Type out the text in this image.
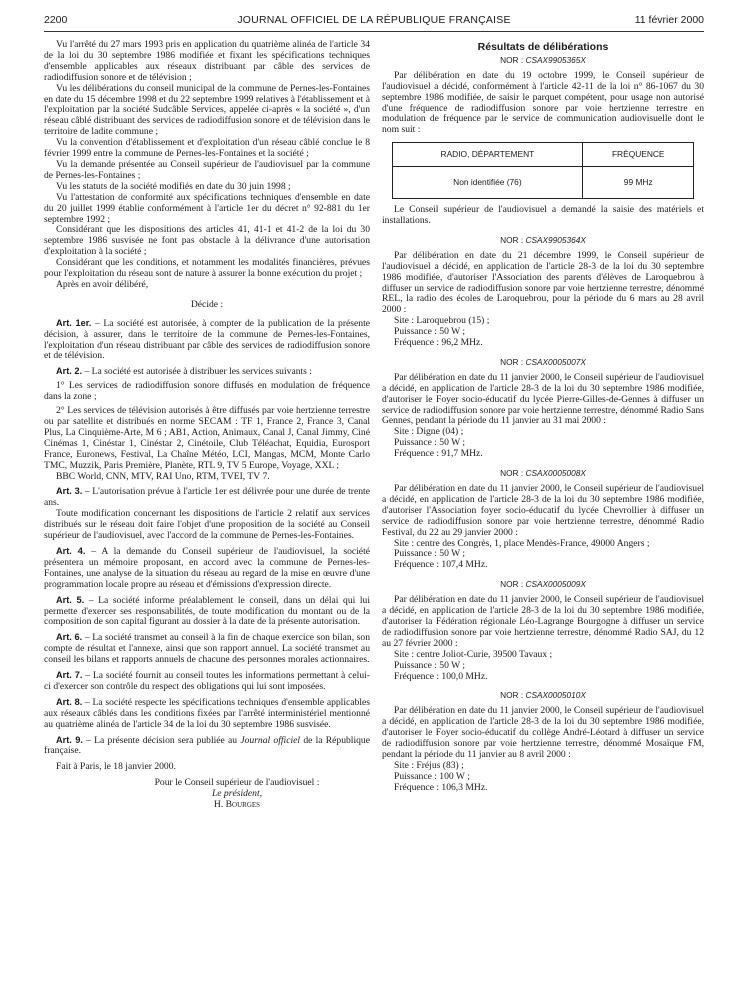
2200	JOURNAL OFFICIEL DE LA RÉPUBLIQUE FRANÇAISE	11 février 2000

Vu l'arrêté du 27 mars 1993 pris en application du quatrième alinéa de l'article 34 de la loi du 30 septembre 1986 modifiée et fixant les spécifications techniques d'ensemble applicables aux réseaux distribuant par câble des services de radiodiffusion sonore et de télévision ;

Vu les délibérations du conseil municipal de la commune de Pernes-les-Fontaines en date du 15 décembre 1998 et du 22 septembre 1999 relatives à l'établissement et à l'exploitation par la société Sudcâble Services, appelée ci-après « la société », d'un réseau câblé distribuant des services de radiodiffusion sonore et de télévision dans le territoire de ladite commune ;

Vu la convention d'établissement et d'exploitation d'un réseau câblé conclue le 8 février 1999 entre la commune de Pernes-les-Fontaines et la société ;

Vu la demande présentée au Conseil supérieur de l'audiovisuel par la commune de Pernes-les-Fontaines ;

Vu les statuts de la société modifiés en date du 30 juin 1998 ;

Vu l'attestation de conformité aux spécifications techniques d'ensemble en date du 20 juillet 1999 établie conformément à l'article 1er du décret n° 92-881 du 1er septembre 1992 ;

Considérant que les dispositions des articles 41, 41-1 et 41-2 de la loi du 30 septembre 1986 susvisée ne font pas obstacle à la délivrance d'une autorisation d'exploitation à la société ;

Considérant que les conditions, et notamment les modalités financières, prévues pour l'exploitation du réseau sont de nature à assurer la bonne exécution du projet ;

Après en avoir délibéré,

Décide :

Art. 1er. – La société est autorisée, à compter de la publication de la présente décision, à assurer, dans le territoire de la commune de Pernes-les-Fontaines, l'exploitation d'un réseau distribuant par câble des services de radiodiffusion sonore et de télévision.

Art. 2. – La société est autorisée à distribuer les services suivants :

1° Les services de radiodiffusion sonore diffusés en modulation de fréquence dans la zone ;

2° Les services de télévision autorisés à être diffusés par voie hertzienne terrestre ou par satellite et distribués en norme SECAM : TF 1, France 2, France 3, Canal Plus, La Cinquième-Arte, M 6 ; AB1, Action, Animaux, Canal J, Canal Jimmy, Ciné Cinémas 1, Cinéstar 1, Cinéstar 2, Cinétoile, Club Téléachat, Equidia, Eurosport France, Euronews, Festival, La Chaîne Météo, LCI, Mangas, MCM, Monte Carlo TMC, Muzzik, Paris Première, Planète, RTL 9, TV 5 Europe, Voyage, XXL ;

BBC World, CNN, MTV, RAI Uno, RTM, TVEI, TV 7.

Art. 3. – L'autorisation prévue à l'article 1er est délivrée pour une durée de trente ans.

Toute modification concernant les dispositions de l'article 2 relatif aux services distribués sur le réseau doit faire l'objet d'une proposition de la société au Conseil supérieur de l'audiovisuel, avec l'accord de la commune de Pernes-les-Fontaines.

Art. 4. – A la demande du Conseil supérieur de l'audiovisuel, la société présentera un mémoire proposant, en accord avec la commune de Pernes-les-Fontaines, une analyse de la situation du réseau au regard de la mise en œuvre d'une programmation locale propre au réseau et d'émissions d'expression directe.

Art. 5. – La société informe préalablement le conseil, dans un délai qui lui permette d'exercer ses responsabilités, de toute modification du montant ou de la composition de son capital figurant au dossier à la date de la présente autorisation.

Art. 6. – La société transmet au conseil à la fin de chaque exercice son bilan, son compte de résultat et l'annexe, ainsi que son rapport annuel. La société transmet au conseil les bilans et rapports annuels de chacune des personnes morales actionnaires.

Art. 7. – La société fournit au conseil toutes les informations permettant à celui-ci d'exercer son contrôle du respect des obligations qui lui sont imposées.

Art. 8. – La société respecte les spécifications techniques d'ensemble applicables aux réseaux câblés dans les conditions fixées par l'arrêté interministériel mentionné au quatrième alinéa de l'article 34 de la loi du 30 septembre 1986 susvisée.

Art. 9. – La présente décision sera publiée au Journal officiel de la République française.

Fait à Paris, le 18 janvier 2000.

Pour le Conseil supérieur de l'audiovisuel :

Le président,

H. Bourges

Résultats de délibérations

NOR : CSAX9905365X

Par délibération en date du 19 octobre 1999, le Conseil supérieur de l'audiovisuel a décidé, conformément à l'article 42-11 de la loi n° 86-1067 du 30 septembre 1986 modifiée, de saisir le parquet compétent, pour usage non autorisé d'une fréquence de radiodiffusion sonore par voie hertzienne terrestre en modulation de fréquence par le service de communication audiovisuelle dont le nom suit :

RADIO, DÉPARTEMENT	FRÉQUENCE
Non identifiée (76)	99 MHz

Le Conseil supérieur de l'audiovisuel a demandé la saisie des matériels et installations.

NOR : CSAX9905364X

Par délibération en date du 21 décembre 1999, le Conseil supérieur de l'audiovisuel a décidé, en application de l'article 28-3 de la loi du 30 septembre 1986 modifiée, d'autoriser l'Association des parents d'élèves de Laroquebrou à diffuser un service de radiodiffusion sonore par voie hertzienne terrestre, dénommé REL, la radio des écoles de Laroquebrou, pour la période du 6 mars au 28 avril 2000 :

Site : Laroquebrou (15) ;

Puissance : 50 W ;

Fréquence : 96,2 MHz.

NOR : CSAX0005007X

Par délibération en date du 11 janvier 2000, le Conseil supérieur de l'audiovisuel a décidé, en application de l'article 28-3 de la loi du 30 septembre 1986 modifiée, d'autoriser le Foyer socio-éducatif du lycée Pierre-Gilles-de-Gennes à diffuser un service de radiodiffusion sonore par voie hertzienne terrestre, dénommé Radio Sans Gennes, pendant la période du 11 janvier au 31 mai 2000 :

Site : Digne (04) ;

Puissance : 50 W ;

Fréquence : 91,7 MHz.

NOR : CSAX0005008X

Par délibération en date du 11 janvier 2000, le Conseil supérieur de l'audiovisuel a décidé, en application de l'article 28-3 de la loi du 30 septembre 1986 modifiée, d'autoriser l'Association foyer socio-éducatif du lycée Chevrollier à diffuser un service de radiodiffusion sonore par voie hertzienne terrestre, dénommé Radio Festival, du 22 au 29 janvier 2000 :

Site : centre des Congrès, 1, place Mendès-France, 49000 Angers ;

Puissance : 50 W ;

Fréquence : 107,4 MHz.

NOR : CSAX0005009X

Par délibération en date du 11 janvier 2000, le Conseil supérieur de l'audiovisuel a décidé, en application de l'article 28-3 de la loi du 30 septembre 1986 modifiée, d'autoriser la Fédération régionale Léo-Lagrange Bourgogne à diffuser un service de radiodiffusion sonore par voie hertzienne terrestre, dénommé Radio SAJ, du 12 au 27 février 2000 :

Site : centre Joliot-Curie, 39500 Tavaux ;

Puissance : 50 W ;

Fréquence : 100,0 MHz.

NOR : CSAX0005010X

Par délibération en date du 11 janvier 2000, le Conseil supérieur de l'audiovisuel a décidé, en application de l'article 28-3 de la loi du 30 septembre 1986 modifiée, d'autoriser le Foyer socio-éducatif du collège André-Léotard à diffuser un service de radiodiffusion sonore par voie hertzienne terrestre, dénommé Mosaïque FM, pendant la période du 11 janvier au 8 avril 2000 :

Site : Fréjus (83) ;

Puissance : 100 W ;

Fréquence : 106,3 MHz.
